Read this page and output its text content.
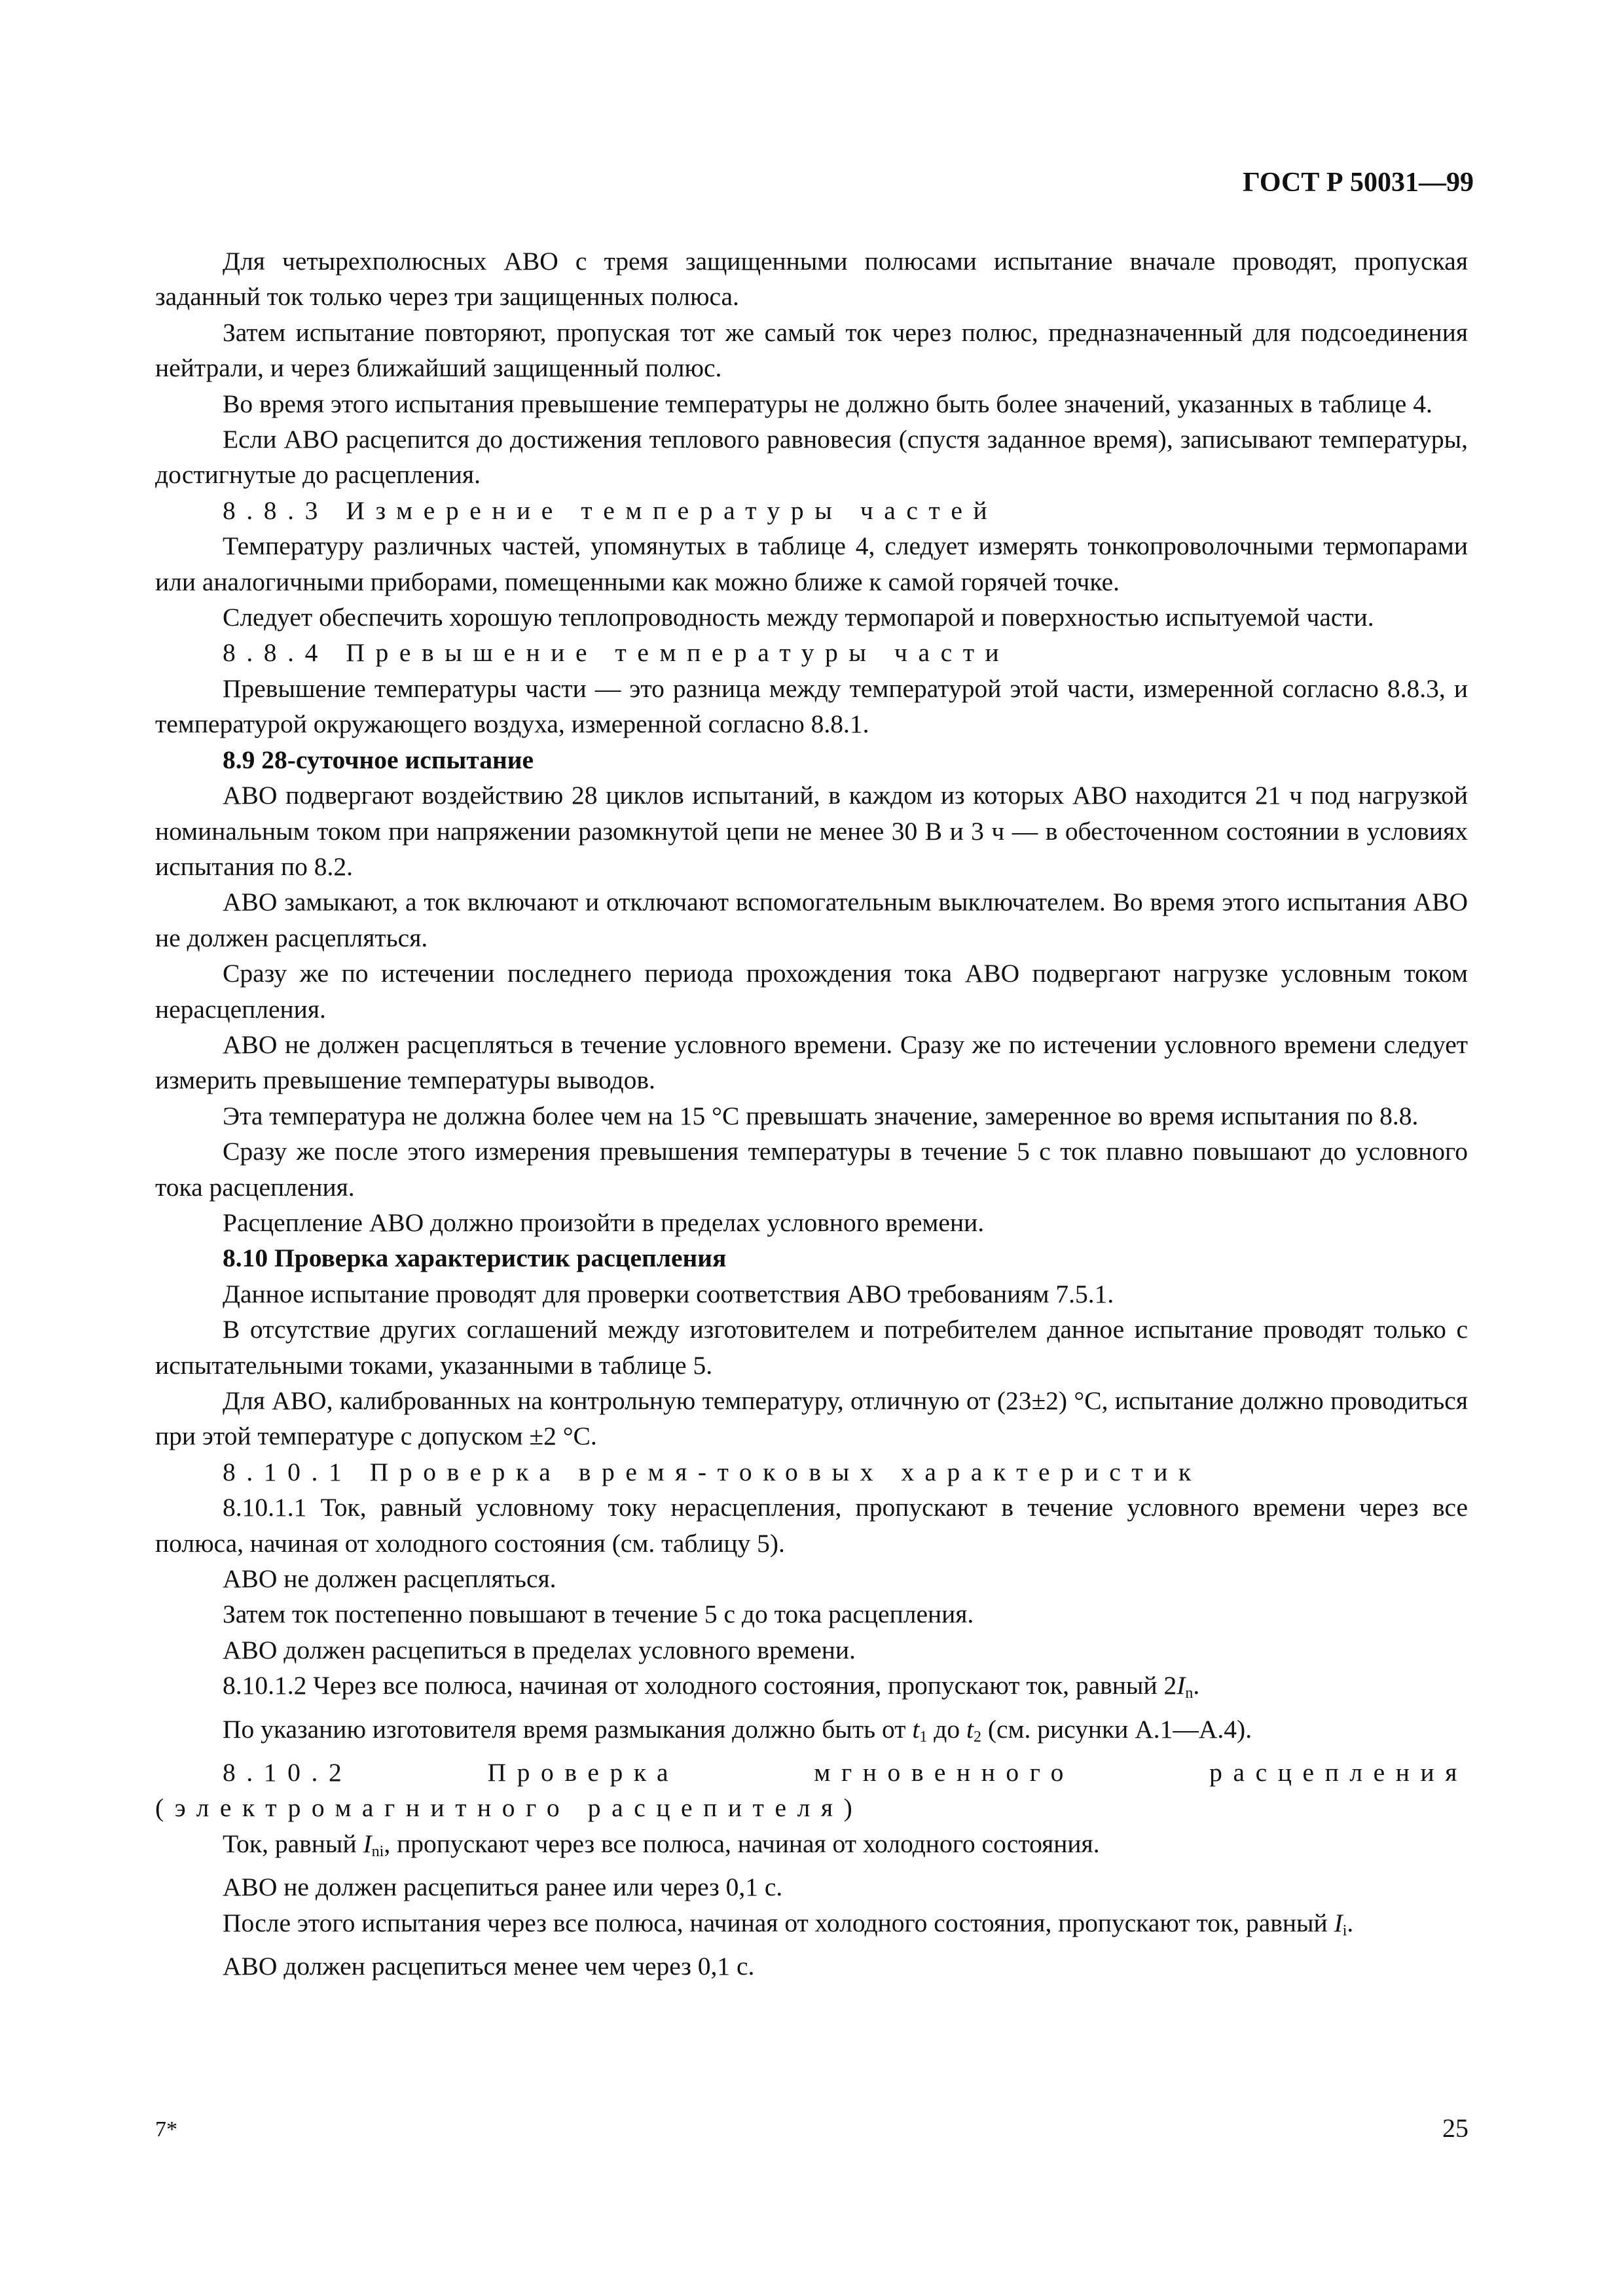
ГОСТ Р 50031—99

Для четырехполюсных АВО с тремя защищенными полюсами испытание вначале проводят, пропуская заданный ток только через три защищенных полюса.

Затем испытание повторяют, пропуская тот же самый ток через полюс, предназначенный для подсоединения нейтрали, и через ближайший защищенный полюс.

Во время этого испытания превышение температуры не должно быть более значений, указанных в таблице 4.

Если АВО расцепится до достижения теплового равновесия (спустя заданное время), записывают температуры, достигнутые до расцепления.

8.8.3 Измерение температуры частей

Температуру различных частей, упомянутых в таблице 4, следует измерять тонкопроволочными термопарами или аналогичными приборами, помещенными как можно ближе к самой горячей точке.

Следует обеспечить хорошую теплопроводность между термопарой и поверхностью испытуемой части.

8.8.4 Превышение температуры части

Превышение температуры части — это разница между температурой этой части, измеренной согласно 8.8.3, и температурой окружающего воздуха, измеренной согласно 8.8.1.

8.9 28-суточное испытание

АВО подвергают воздействию 28 циклов испытаний, в каждом из которых АВО находится 21 ч под нагрузкой номинальным током при напряжении разомкнутой цепи не менее 30 В и 3 ч — в обесточенном состоянии в условиях испытания по 8.2.

АВО замыкают, а ток включают и отключают вспомогательным выключателем. Во время этого испытания АВО не должен расцепляться.

Сразу же по истечении последнего периода прохождения тока АВО подвергают нагрузке условным током нерасцепления.

АВО не должен расцепляться в течение условного времени. Сразу же по истечении условного времени следует измерить превышение температуры выводов.

Эта температура не должна более чем на 15 °С превышать значение, замеренное во время испытания по 8.8.

Сразу же после этого измерения превышения температуры в течение 5 с ток плавно повышают до условного тока расцепления.

Расцепление АВО должно произойти в пределах условного времени.

8.10 Проверка характеристик расцепления

Данное испытание проводят для проверки соответствия АВО требованиям 7.5.1.

В отсутствие других соглашений между изготовителем и потребителем данное испытание проводят только с испытательными токами, указанными в таблице 5.

Для АВО, калиброванных на контрольную температуру, отличную от (23±2) °С, испытание должно проводиться при этой температуре с допуском ±2 °С.

8.10.1 Проверка время-токовых характеристик

8.10.1.1 Ток, равный условному току нерасцепления, пропускают в течение условного времени через все полюса, начиная от холодного состояния (см. таблицу 5).

АВО не должен расцепляться.

Затем ток постепенно повышают в течение 5 с до тока расцепления.

АВО должен расцепиться в пределах условного времени.

8.10.1.2 Через все полюса, начиная от холодного состояния, пропускают ток, равный $2I_n$.

По указанию изготовителя время размыкания должно быть от $t_1$ до $t_2$ (см. рисунки А.1—А.4).

8.10.2 Проверка мгновенного расцепления (электромагнитного расцепителя)

Ток, равный $I_{ni}$, пропускают через все полюса, начиная от холодного состояния.

АВО не должен расцепиться ранее или через 0,1 с.

После этого испытания через все полюса, начиная от холодного состояния, пропускают ток, равный $I_i$.

АВО должен расцепиться менее чем через 0,1 с.

7*	25
